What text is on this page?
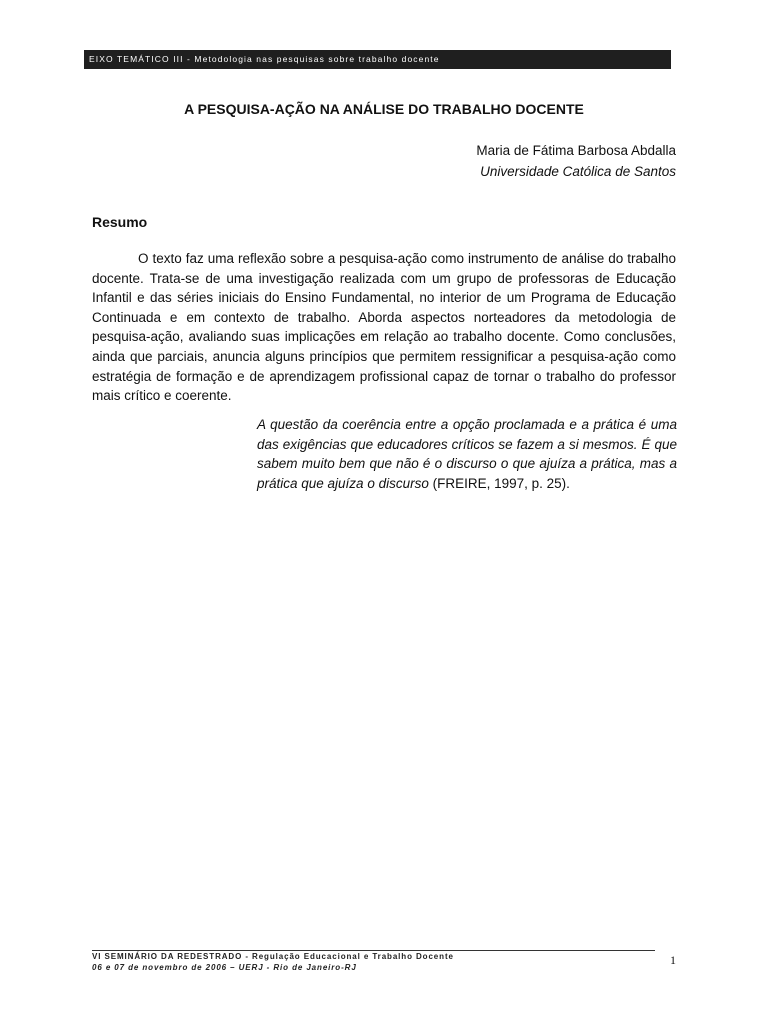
EIXO TEMÁTICO III - Metodologia nas pesquisas sobre trabalho docente
A PESQUISA-AÇÃO NA ANÁLISE DO TRABALHO DOCENTE
Maria de Fátima Barbosa Abdalla
Universidade Católica de Santos
Resumo

O texto faz uma reflexão sobre a pesquisa-ação como instrumento de análise do trabalho docente. Trata-se de uma investigação realizada com um grupo de professoras de Educação Infantil e das séries iniciais do Ensino Fundamental, no interior de um Programa de Educação Continuada e em contexto de trabalho. Aborda aspectos norteadores da metodologia de pesquisa-ação, avaliando suas implicações em relação ao trabalho docente. Como conclusões, ainda que parciais, anuncia alguns princípios que permitem ressignificar a pesquisa-ação como estratégia de formação e de aprendizagem profissional capaz de tornar o trabalho do professor mais crítico e coerente.

A questão da coerência entre a opção proclamada e a prática é uma das exigências que educadores críticos se fazem a si mesmos. É que sabem muito bem que não é o discurso o que ajuíza a prática, mas a prática que ajuíza o discurso (FREIRE, 1997, p. 25).

VI SEMINÁRIO DA REDESTRADO - Regulação Educacional e Trabalho Docente
06 e 07 de novembro de 2006 – UERJ - Rio de Janeiro-RJ
1
